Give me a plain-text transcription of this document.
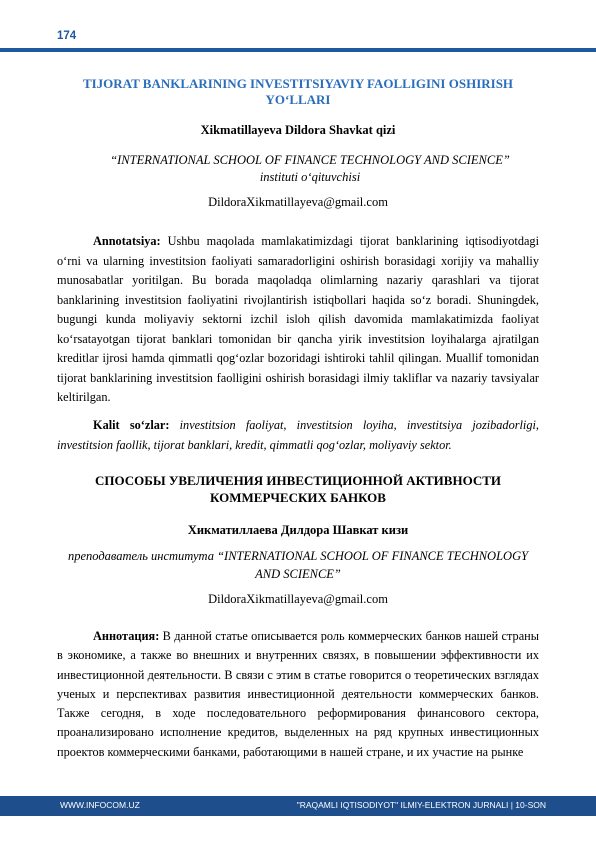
174
TIJORAT BANKLARINING INVESTITSIYAVIY FAOLLIGINI OSHIRISH YO‘LLARI
Xikmatillayeva Dildora Shavkat qizi
“INTERNATIONAL SCHOOL OF FINANCE TECHNOLOGY AND SCIENCE” instituti o‘qituvchisi
DildoraXikmatillayeva@gmail.com

Annotatsiya: Ushbu maqolada mamlakatimizdagi tijorat banklarining iqtisodiyotdagi o‘rni va ularning investitsion faoliyati samaradorligini oshirish borasidagi xorijiy va mahalliy munosabatlar yoritilgan. Bu borada maqoladqa olimlarning nazariy qarashlari va tijorat banklarining investitsion faoliyatini rivojlantirish istiqbollari haqida so‘z boradi. Shuningdek, bugungi kunda moliyaviy sektorni izchil isloh qilish davomida mamlakatimizda faoliyat ko‘rsatayotgan tijorat banklari tomonidan bir qancha yirik investitsion loyihalarga ajratilgan kreditlar ijrosi hamda qimmatli qog‘ozlar bozoridagi ishtiroki tahlil qilingan. Muallif tomonidan tijorat banklarining investitsion faolligini oshirish borasidagi ilmiy takliflar va nazariy tavsiyalar keltirilgan.

Kalit so‘zlar: investitsion faoliyat, investitsion loyiha, investitsiya jozibadorligi, investitsion faollik, tijorat banklari, kredit, qimmatli qog‘ozlar, moliyaviy sektor.

СПОСОБЫ УВЕЛИЧЕНИЯ ИНВЕСТИЦИОННОЙ АКТИВНОСТИ КОММЕРЧЕСКИХ БАНКОВ
Хикматиллаева Дилдора Шавкат кизи
преподаватель института “INTERNATIONAL SCHOOL OF FINANCE TECHNOLOGY AND SCIENCE”
DildoraXikmatillayeva@gmail.com

Аннотация: В данной статье описывается роль коммерческих банков нашей страны в экономике, а также во внешних и внутренних связях, в повышении эффективности их инвестиционной деятельности. В связи с этим в статье говорится о теоретических взглядах ученых и перспективах развития инвестиционной деятельности коммерческих банков. Также сегодня, в ходе последовательного реформирования финансового сектора, проанализировано исполнение кредитов, выделенных на ряд крупных инвестиционных проектов коммерческими банками, работающими в нашей стране, и их участие на рынке

WWW.INFOCOM.UZ	"RAQAMLI IQTISODIYOT" ILMIY-ELEKTRON JURNALI | 10-SON
